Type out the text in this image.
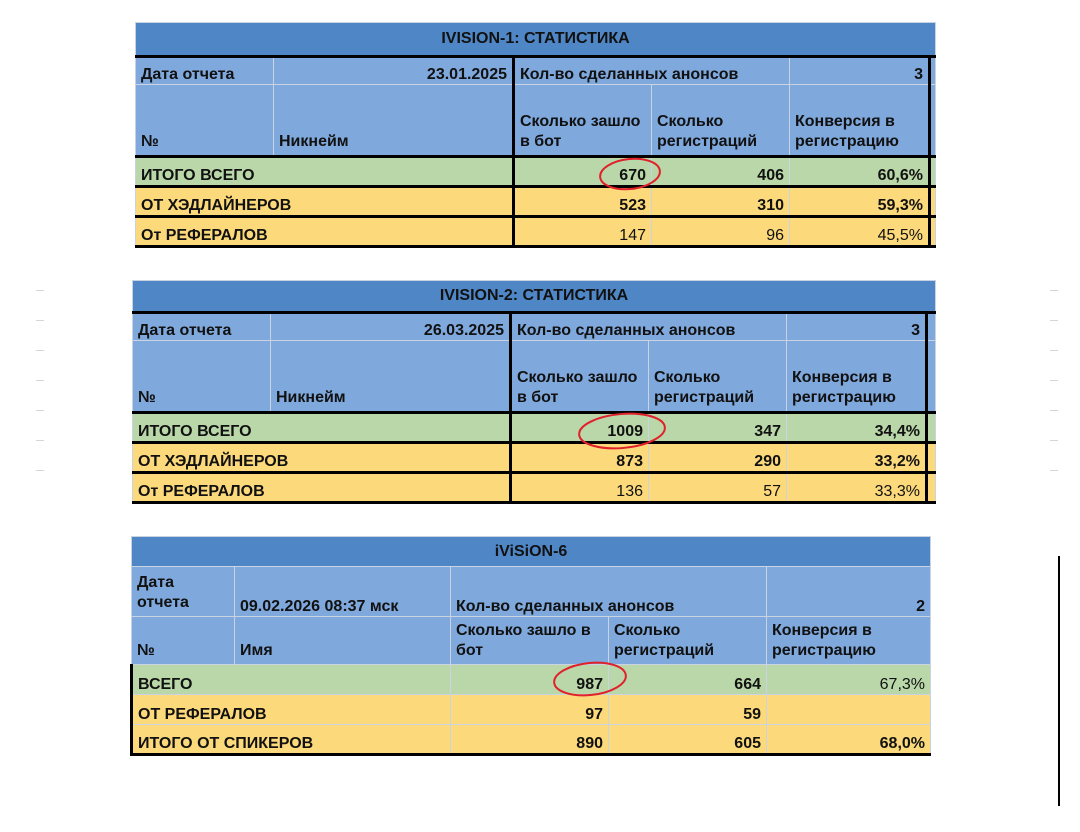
IVISION-1: СТАТИСТИКА					
Дата отчета	23.01.2025	Кол-во сделанных анонсов		3	
№	Никнейм	Сколько зашло в бот	Сколько регистраций	Конверсия в регистрацию	
ИТОГО ВСЕГО		670	406	60,6%	
ОТ ХЭДЛАЙНЕРОВ		523	310	59,3%	
От РЕФЕРАЛОВ		147	96	45,5%	
IVISION-2: СТАТИСТИКА					
Дата отчета	26.03.2025	Кол-во сделанных анонсов		3	
№	Никнейм	Сколько зашло в бот	Сколько регистраций	Конверсия в регистрацию	
ИТОГО ВСЕГО		1009	347	34,4%	
ОТ ХЭДЛАЙНЕРОВ		873	290	33,2%	
От РЕФЕРАЛОВ		136	57	33,3%	
iViSiON-6				
Дата отчета	09.02.2026 08:37 мск	Кол-во сделанных анонсов		2
№	Имя	Сколько зашло в бот	Сколько регистраций	Конверсия в регистрацию
ВСЕГО		987	664	67,3%
ОТ РЕФЕРАЛОВ		97	59	
ИТОГО ОТ СПИКЕРОВ		890	605	68,0%
